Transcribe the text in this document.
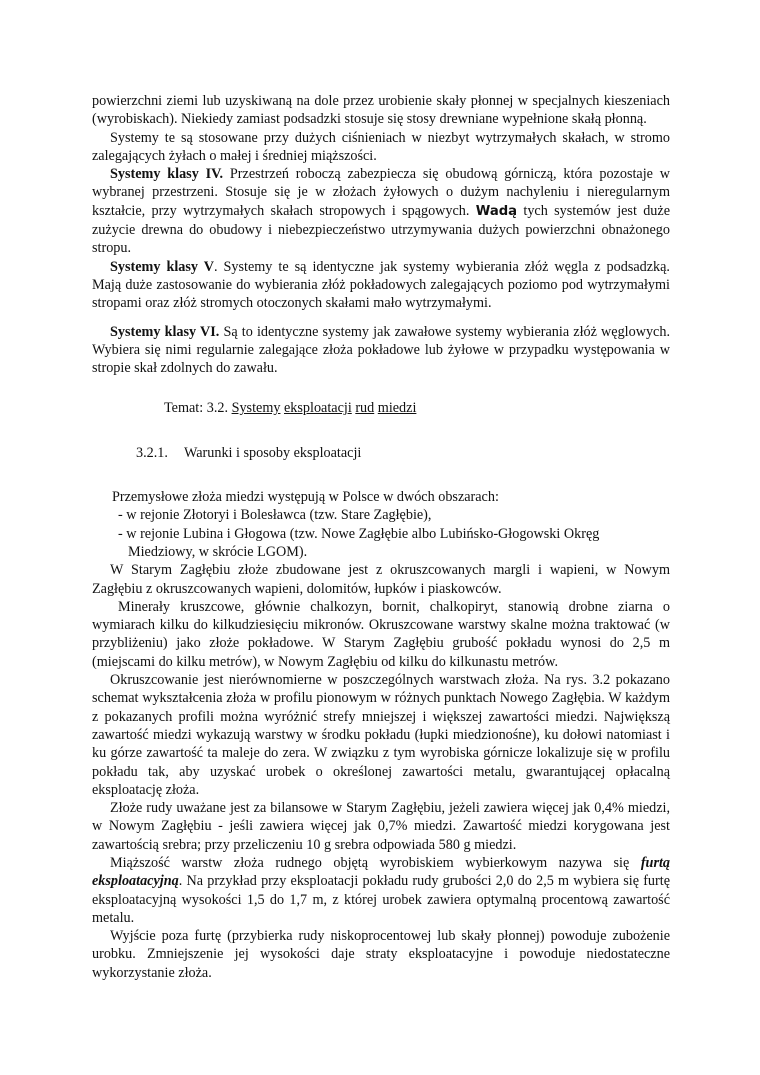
powierzchni ziemi lub uzyskiwaną na dole przez urobienie skały płonnej w specjalnych kieszeniach (wyrobiskach). Niekiedy zamiast podsadzki stosuje się stosy drewniane wypełnione skałą płonną.

Systemy te są stosowane przy dużych ciśnieniach w niezbyt wytrzymałych skałach, w stromo zalegających żyłach o małej i średniej miąższości.

Systemy klasy IV. Przestrzeń roboczą zabezpiecza się obudową górniczą, która pozostaje w wybranej przestrzeni. Stosuje się je w złożach żyłowych o dużym nachyleniu i nieregularnym kształcie, przy wytrzymałych skałach stropowych i spągowych. Wadą tych systemów jest duże zużycie drewna do obudowy i niebezpieczeństwo utrzymywania dużych powierzchni obnażonego stropu.

Systemy klasy V. Systemy te są identyczne jak systemy wybierania złóż węgla z podsadzką. Mają duże zastosowanie do wybierania złóż pokładowych zalegających poziomo pod wytrzymałymi stropami oraz złóż stromych otoczonych skałami mało wytrzymałymi.

Systemy klasy VI. Są to identyczne systemy jak zawałowe systemy wybierania złóż węglowych. Wybiera się nimi regularnie zalegające złoża pokładowe lub żyłowe w przypadku występowania w stropie skał zdolnych do zawału.

Temat: 3.2. Systemy eksploatacji rud miedzi

3.2.1. Warunki i sposoby eksploatacji

Przemysłowe złoża miedzi występują w Polsce w dwóch obszarach:

- w rejonie Złotoryi i Bolesławca (tzw. Stare Zagłębie),

- w rejonie Lubina i Głogowa (tzw. Nowe Zagłębie albo Lubińsko-Głogowski Okręg

Miedziowy, w skrócie LGOM).

W Starym Zagłębiu złoże zbudowane jest z okruszcowanych margli i wapieni, w Nowym Zagłębiu z okruszcowanych wapieni, dolomitów, łupków i piaskowców.

Minerały kruszcowe, głównie chalkozyn, bornit, chalkopiryt, stanowią drobne ziarna o wymiarach kilku do kilkudziesięciu mikronów. Okruszcowane warstwy skalne można traktować (w przybliżeniu) jako złoże pokładowe. W Starym Zagłębiu grubość pokładu wynosi do 2,5 m (miejscami do kilku metrów), w Nowym Zagłębiu od kilku do kilkunastu metrów.

Okruszcowanie jest nierównomierne w poszczególnych warstwach złoża. Na rys. 3.2 pokazano schemat wykształcenia złoża w profilu pionowym w różnych punktach Nowego Zagłębia. W każdym z pokazanych profili można wyróżnić strefy mniejszej i większej zawartości miedzi. Największą zawartość miedzi wykazują warstwy w środku pokładu (łupki miedzionośne), ku dołowi natomiast i ku górze zawartość ta maleje do zera. W związku z tym wyrobiska górnicze lokalizuje się w profilu pokładu tak, aby uzyskać urobek o określonej zawartości metalu, gwarantującej opłacalną eksploatację złoża.

Złoże rudy uważane jest za bilansowe w Starym Zagłębiu, jeżeli zawiera więcej jak 0,4% miedzi, w Nowym Zagłębiu - jeśli zawiera więcej jak 0,7% miedzi. Zawartość miedzi korygowana jest zawartością srebra; przy przeliczeniu 10 g srebra odpowiada 580 g miedzi.

Miąższość warstw złoża rudnego objętą wyrobiskiem wybierkowym nazywa się furtą eksploatacyjną. Na przykład przy eksploatacji pokładu rudy grubości 2,0 do 2,5 m wybiera się furtę eksploatacyjną wysokości 1,5 do 1,7 m, z której urobek zawiera optymalną procentową zawartość metalu.

Wyjście poza furtę (przybierka rudy niskoprocentowej lub skały płonnej) powoduje zubożenie urobku. Zmniejszenie jej wysokości daje straty eksploatacyjne i powoduje niedostateczne wykorzystanie złoża.
